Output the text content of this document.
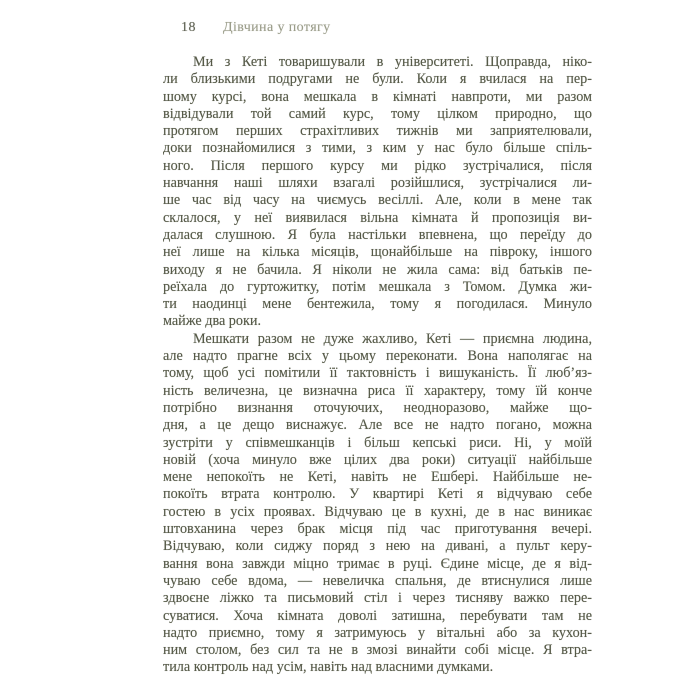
18 Дівчина у потягу
Ми з Кеті товаришували в університеті. Щоправда, ніко-
ли близькими подругами не були. Коли я вчилася на пер-
шому курсі, вона мешкала в кімнаті навпроти, ми разом
відвідували той самий курс, тому цілком природно, що
протягом перших страхітливих тижнів ми заприятелювали,
доки познайомилися з тими, з ким у нас було більше спіль-
ного. Після першого курсу ми рідко зустрічалися, після
навчання наші шляхи взагалі розійшлися, зустрічалися ли-
ше час від часу на чиємусь весіллі. Але, коли в мене так
склалося, у неї виявилася вільна кімната й пропозиція ви-
далася слушною. Я була настільки впевнена, що переїду до
неї лише на кілька місяців, щонайбільше на півроку, іншого
виходу я не бачила. Я ніколи не жила сама: від батьків пе-
реїхала до гуртожитку, потім мешкала з Томом. Думка жи-
ти наодинці мене бентежила, тому я погодилася. Минуло
майже два роки.
Мешкати разом не дуже жахливо, Кеті — приємна людина,
але надто прагне всіх у цьому переконати. Вона наполягає на
тому, щоб усі помітили її тактовність і вишуканість. Її люб’яз-
ність величезна, це визначна риса її характеру, тому їй конче
потрібно визнання оточуючих, неодноразово, майже що-
дня, а це дещо виснажує. Але все не надто погано, можна
зустріти у співмешканців і більш кепські риси. Ні, у моїй
новій (хоча минуло вже цілих два роки) ситуації найбільше
мене непокоїть не Кеті, навіть не Ешбері. Найбільше не-
покоїть втрата контролю. У квартирі Кеті я відчуваю себе
гостею в усіх проявах. Відчуваю це в кухні, де в нас виникає
штовханина через брак місця під час приготування вечері.
Відчуваю, коли сиджу поряд з нею на дивані, а пульт керу-
вання вона завжди міцно тримає в руці. Єдине місце, де я від-
чуваю себе вдома, — невеличка спальня, де втиснулися лише
здвоєне ліжко та письмовий стіл і через тисняву важко пере-
суватися. Хоча кімната доволі затишна, перебувати там не
надто приємно, тому я затримуюсь у вітальні або за кухон-
ним столом, без сил та не в змозі винайти собі місце. Я втра-
тила контроль над усім, навіть над власними думками.
